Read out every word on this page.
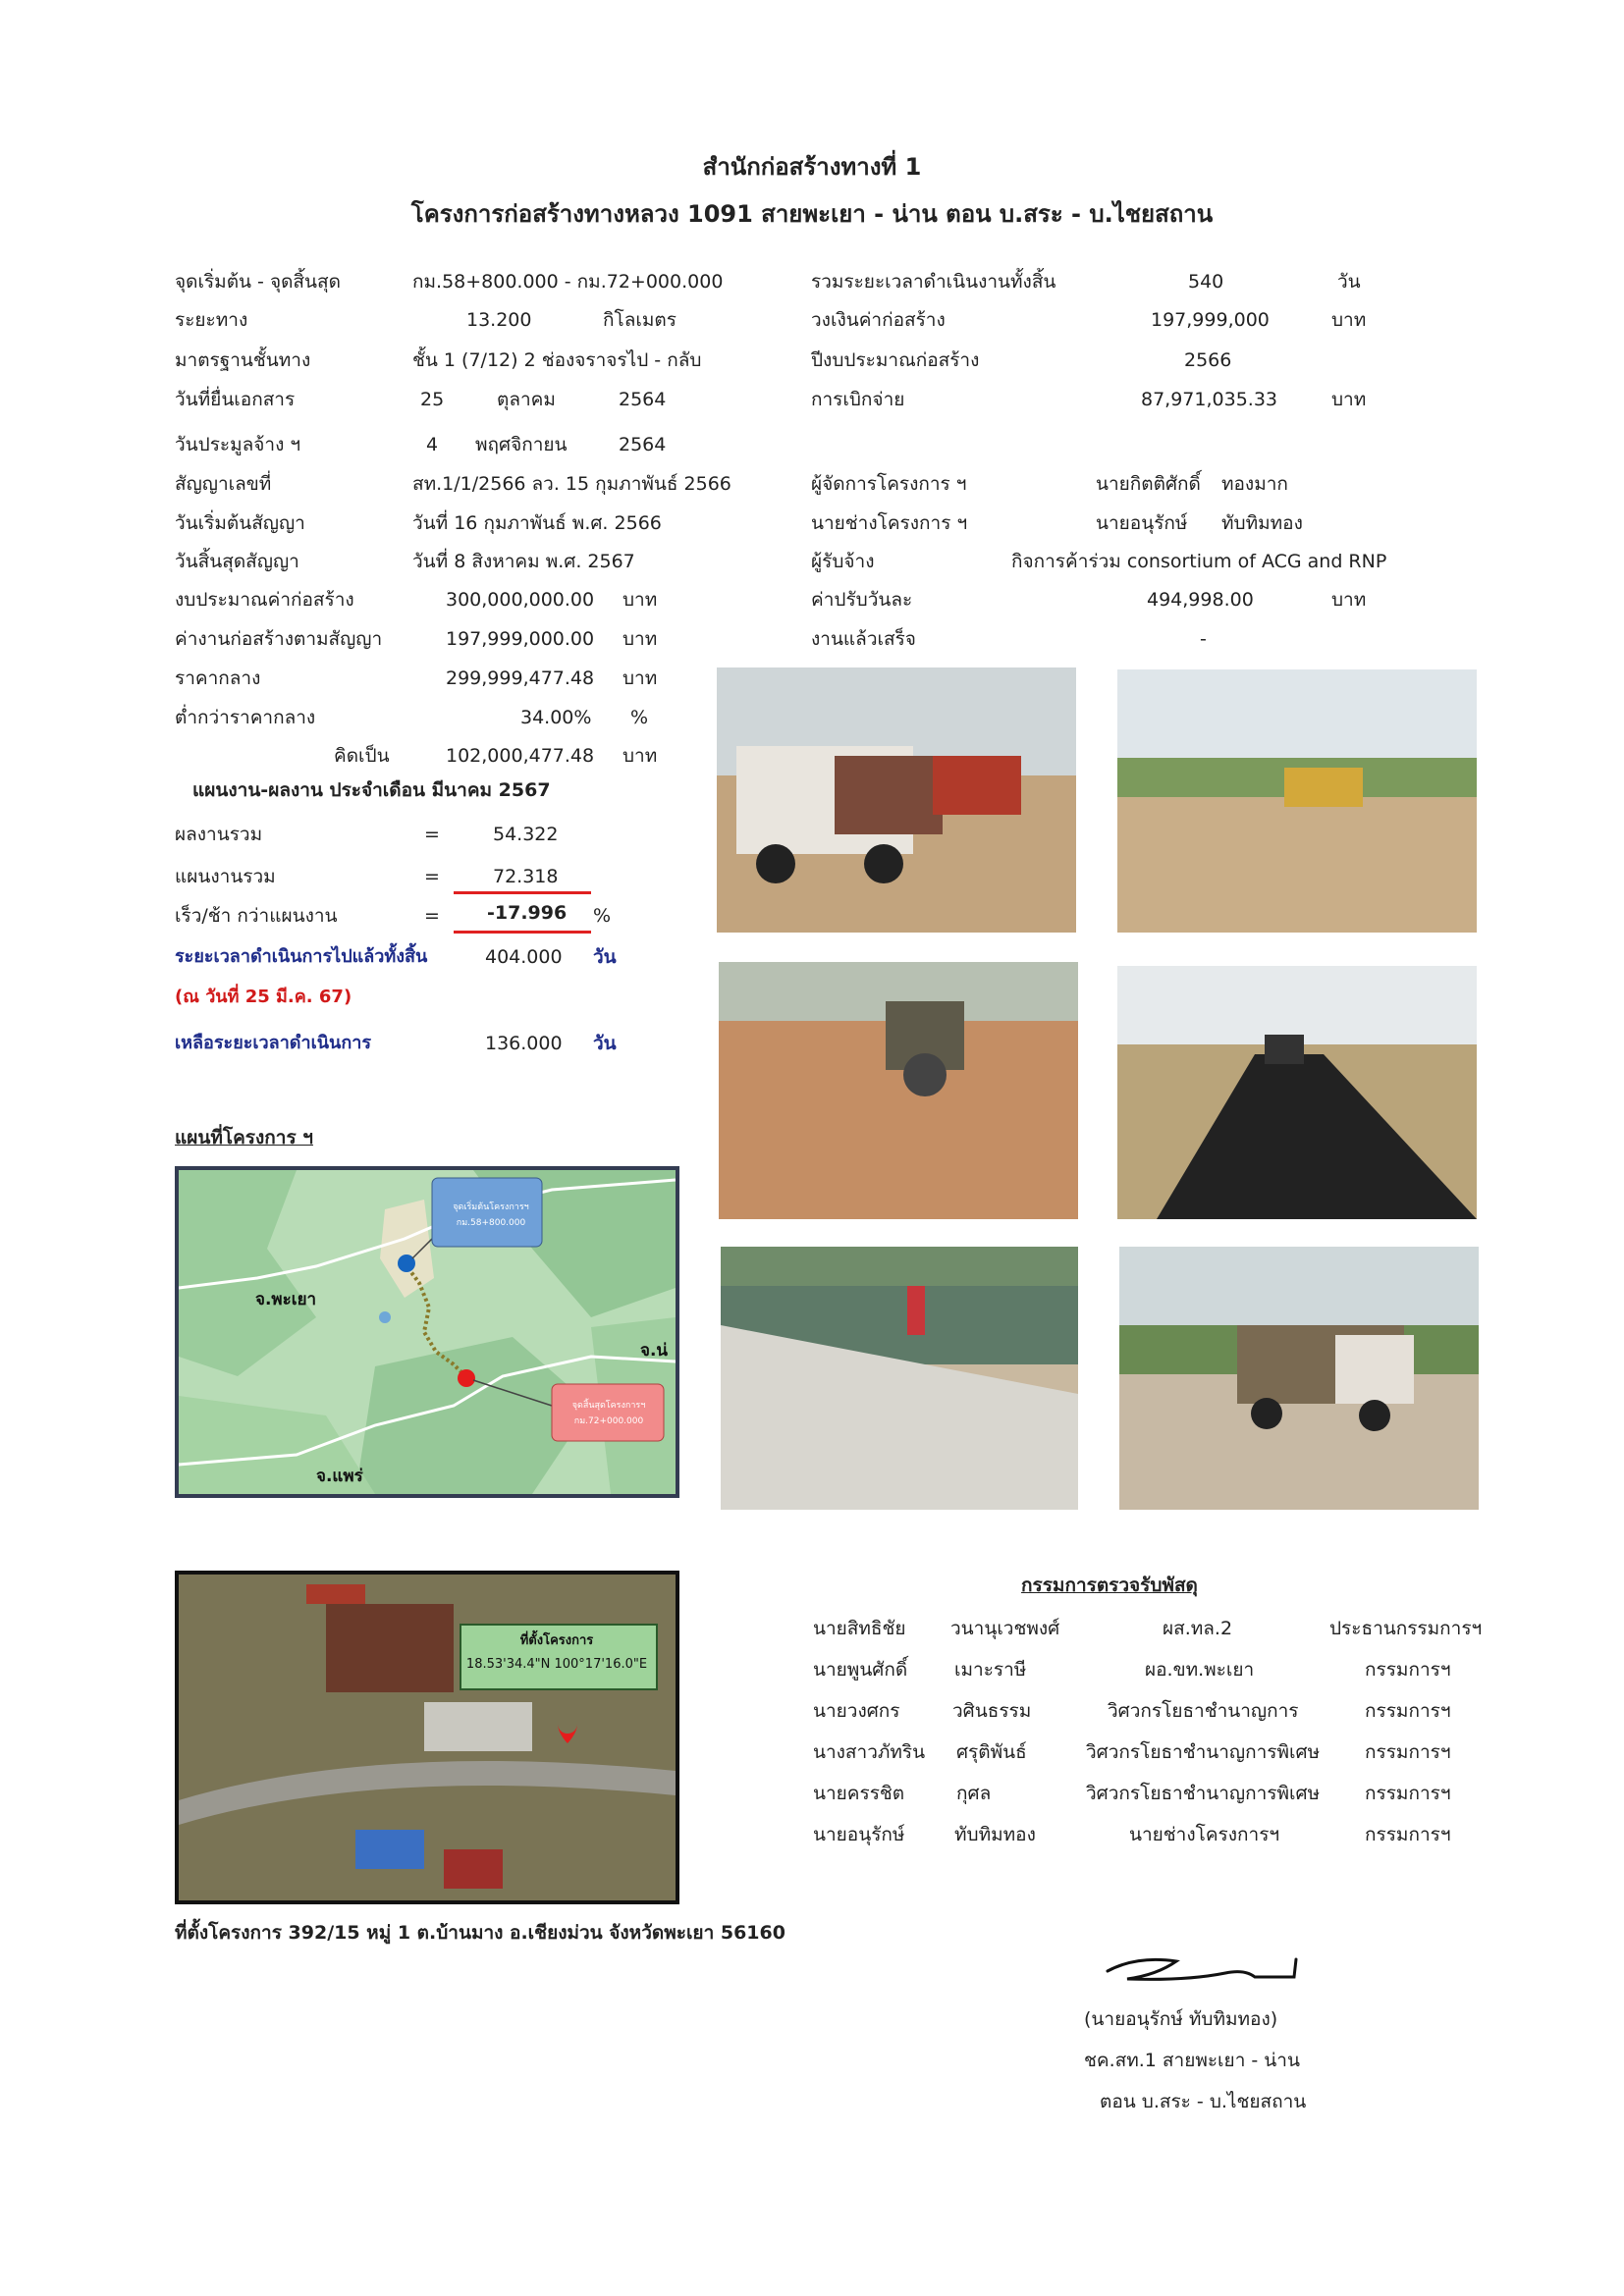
สำนักก่อสร้างทางที่ 1
โครงการก่อสร้างทางหลวง 1091 สายพะเยา - น่าน ตอน บ.สระ - บ.ไชยสถาน
จุดเริ่มต้น - จุดสิ้นสุด	กม.58+800.000 - กม.72+000.000
ระยะทาง	13.200	กิโลเมตร
มาตรฐานชั้นทาง	ชั้น 1 (7/12) 2 ช่องจราจรไป - กลับ
วันที่ยื่นเอกสาร	25	ตุลาคม	2564
วันประมูลจ้าง ฯ	4 พฤศจิกายน	2564
สัญญาเลขที่	สท.1/1/2566 ลว. 15 กุมภาพันธ์ 2566
วันเริ่มต้นสัญญา	วันที่ 16 กุมภาพันธ์ พ.ศ. 2566
วันสิ้นสุดสัญญา	วันที่ 8 สิงหาคม พ.ศ. 2567
งบประมาณค่าก่อสร้าง	300,000,000.00 บาท
ค่างานก่อสร้างตามสัญญา	197,999,000.00 บาท
ราคากลาง	299,999,477.48 บาท
ต่ำกว่าราคากลาง	34.00% %
คิดเป็น	102,000,477.48 บาท
รวมระยะเวลาดำเนินงานทั้งสิ้น	540	วัน
วงเงินค่าก่อสร้าง	197,999,000	บาท
ปีงบประมาณก่อสร้าง	2566
การเบิกจ่าย	87,971,035.33	บาท
ผู้จัดการโครงการ ฯ	นายกิตติศักดิ์ ทองมาก
นายช่างโครงการ ฯ	นายอนุรักษ์ ทับทิมทอง
ผู้รับจ้าง	กิจการค้าร่วม consortium of ACG and RNP
ค่าปรับวันละ	494,998.00	บาท
งานแล้วเสร็จ	-
แผนงาน-ผลงาน ประจำเดือน มีนาคม 2567
ผลงานรวม	=	54.322
แผนงานรวม	=	72.318
เร็ว/ช้า กว่าแผนงาน	=	-17.996 %
ระยะเวลาดำเนินการไปแล้วทั้งสิ้น	404.000 วัน
(ณ วันที่ 25 มี.ค. 67)
เหลือระยะเวลาดำเนินการ	136.000 วัน
แผนที่โครงการ ฯ
จุดเริ่มต้นโครงการฯ
กม.58+800.000
จุดสิ้นสุดโครงการฯ
กม.72+000.000
จ.พะเยา
จ.น่
จ.แพร่
ที่ตั้งโครงการ
18.53'34.4"N 100°17'16.0"E
ที่ตั้งโครงการ 392/15 หมู่ 1 ต.บ้านมาง อ.เชียงม่วน จังหวัดพะเยา 56160
กรรมการตรวจรับพัสดุ
นายสิทธิชัย วนานุเวชพงศ์	ผส.ทล.2	ประธานกรรมการฯ
นายพูนศักดิ์	เมาะราษี	ผอ.ขท.พะเยา	กรรมการฯ
นายวงศกร	วศินธรรม	วิศวกรโยธาชำนาญการ	กรรมการฯ
นางสาวภัทริน ศรุติพันธ์	วิศวกรโยธาชำนาญการพิเศษ กรรมการฯ
นายครรชิต	กุศล	วิศวกรโยธาชำนาญการพิเศษ กรรมการฯ
นายอนุรักษ์	ทับทิมทอง	นายช่างโครงการฯ	กรรมการฯ
(นายอนุรักษ์ ทับทิมทอง)
ชค.สท.1 สายพะเยา - น่าน
ตอน บ.สระ - บ.ไชยสถาน
